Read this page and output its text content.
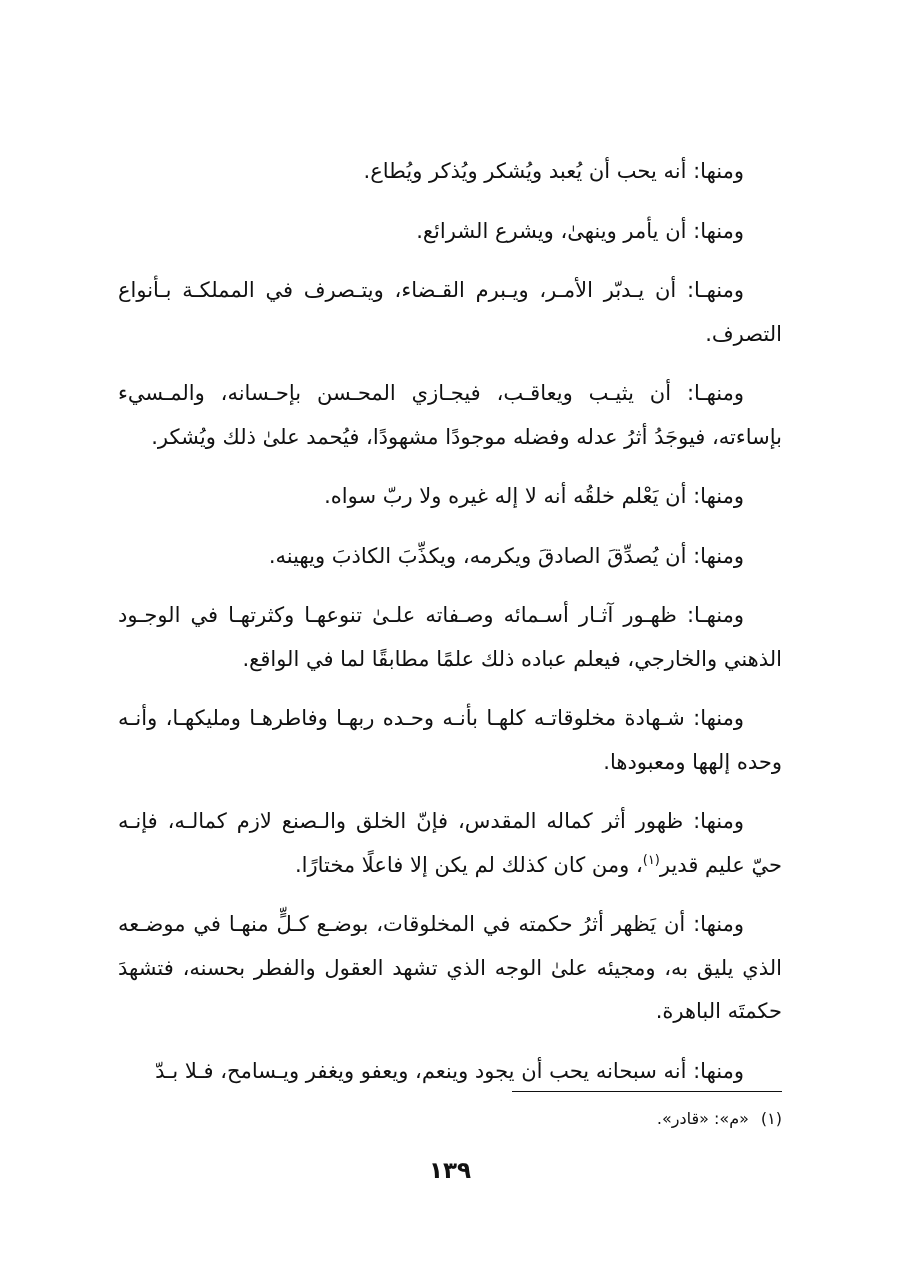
ومنها: أنه يحب أن يُعبد ويُشكر ويُذكر ويُطاع.

ومنها: أن يأمر وينهىٰ، ويشرع الشرائع.

ومنهـا: أن يـدبّر الأمـر، ويـبرم القـضاء، ويتـصرف في المملكـة بـأنواع التصرف.

ومنهـا: أن يثيـب ويعاقـب، فيجـازي المحـسن بإحـسانه، والمـسيء بإساءته، فيوجَدُ أثرُ عدله وفضله موجودًا مشهودًا، فيُحمد علىٰ ذلك ويُشكر.

ومنها: أن يَعْلم خلقُه أنه لا إله غيره ولا ربّ سواه.

ومنها: أن يُصدِّقَ الصادقَ ويكرمه، ويكذِّبَ الكاذبَ ويهينه.

ومنهـا: ظهـور آثـار أسـمائه وصـفاته علـىٰ تنوعهـا وكثرتهـا في الوجـود الذهني والخارجي، فيعلم عباده ذلك علمًا مطابقًا لما في الواقع.

ومنها: شـهادة مخلوقاتـه كلهـا بأنـه وحـده ربهـا وفاطرهـا ومليكهـا، وأنـه وحده إلهها ومعبودها.

ومنها: ظهور أثر كماله المقدس، فإنّ الخلق والـصنع لازم كمالـه، فإنـه حيّ عليم قدير$^{(١)}$، ومن كان كذلك لم يكن إلا فاعلًا مختارًا.

ومنها: أن يَظهر أثرُ حكمته في المخلوقات، بوضـع كـلٍّ منهـا في موضـعه الذي يليق به، ومجيئه علىٰ الوجه الذي تشهد العقول والفطر بحسنه، فتشهدَ حكمتَه الباهرة.

ومنها: أنه سبحانه يحب أن يجود وينعم، ويعفو ويغفر ويـسامح، فـلا بـدّ

(١)«م»: «قادر».
١٣٩
